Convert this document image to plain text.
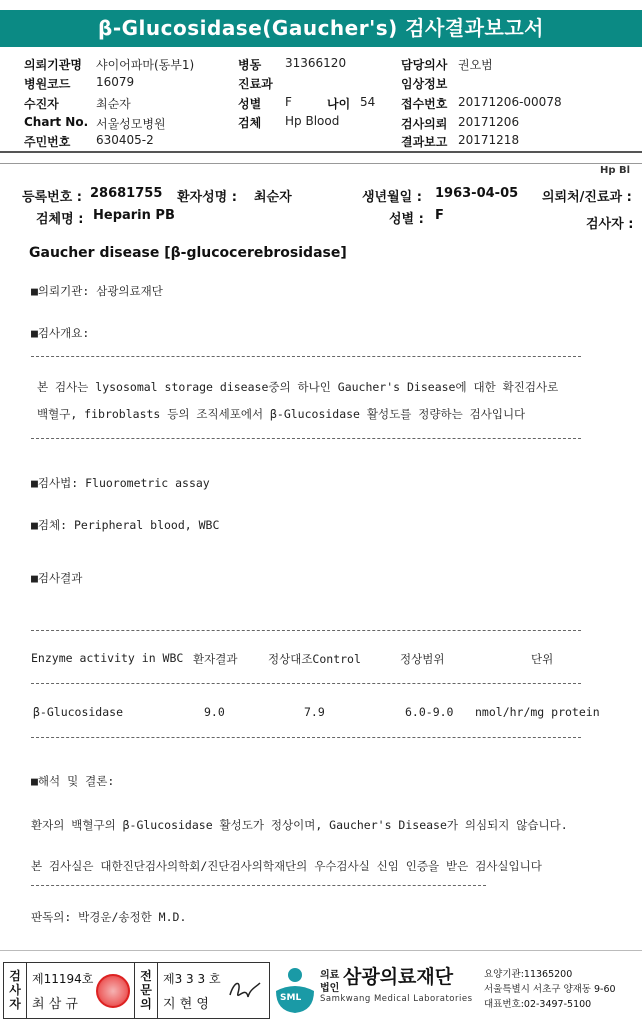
β-Glucosidase(Gaucher's) 검사결과보고서
의뢰기관명 샤이어파마(동부1)
병원코드 16079
수진자	최순자
Chart No. 서울성모병원
주민번호 630405-2
병동 31366120
진료과
성별 F	나이 54
검체 Hp Blood
담당의사 권오범
임상정보
접수번호 20171206-00078
검사의뢰 20171206
결과보고 20171218
Hp Bl
등록번호 : 28681755 환자성명 : 최순자	생년월일 : 1963-04-05 의뢰처/진료과 :
검체명 : Heparin PB	성별 : F
검사자 :
Gaucher disease [β-glucocerebrosidase]
■의뢰기관: 삼광의료재단
■검사개요:
본 검사는 lysosomal storage disease중의 하나인 Gaucher's Disease에 대한 확진검사로
백혈구, fibroblasts 등의 조직세포에서 β-Glucosidase 활성도를 정량하는 검사입니다
■검사법: Fluorometric assay
■검체: Peripheral blood, WBC
■검사결과
Enzyme activity in WBC 환자결과	정상대조Control	정상범위	단위
β-Glucosidase	9.0	7.9	6.0-9.0 nmol/hr/mg protein
■해석 및 결론:
환자의 백혈구의 β-Glucosidase 활성도가 정상이며, Gaucher's Disease가 의심되지 않습니다.
본 검사실은 대한진단검사의학회/진단검사의학재단의 우수검사실 신임 인증을 받은 검사실입니다
판독의: 박경운/송정한 M.D.
검사자
제11194호
최 삼 규
전문의
제3 3 3 호
지 현 영	SML
의료
법인
삼광의료재단
Samkwang Medical Laboratories
요양기관:11365200
서울특별시 서초구 양재동 9-60
대표번호:02-3497-5100
